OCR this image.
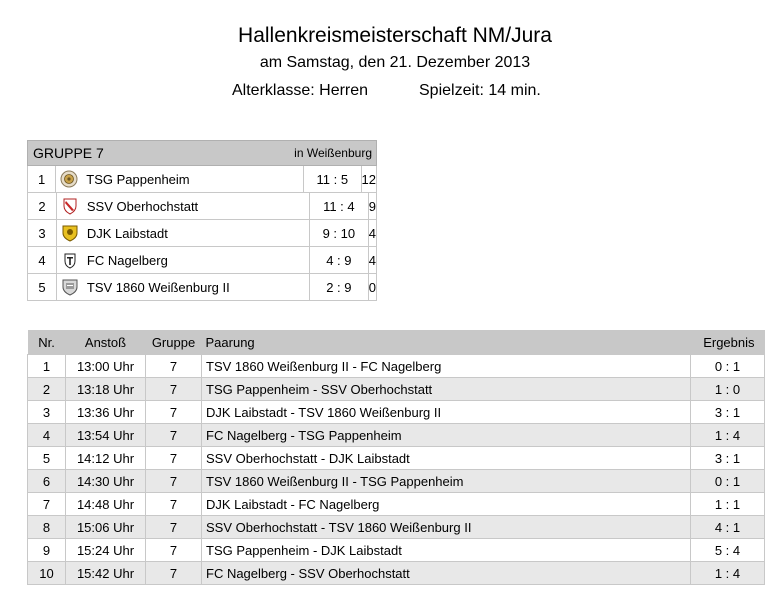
Hallenkreismeisterschaft NM/Jura
am Samstag, den 21. Dezember 2013
Alterklasse: Herren	Spielzeit: 14 min.
GRUPPE 7	in Weißenburg
1	TSG Pappenheim	11 : 5	12
2	SSV Oberhochstatt	11 : 4	9
3	DJK Laibstadt	9 : 10	4
4	FC Nagelberg	4 : 9	4
5	TSV 1860 Weißenburg II	2 : 9	0
Nr.	Anstoß	Gruppe	Paarung	Ergebnis
1	13:00 Uhr	7	TSV 1860 Weißenburg II - FC Nagelberg	0 : 1
2	13:18 Uhr	7	TSG Pappenheim - SSV Oberhochstatt	1 : 0
3	13:36 Uhr	7	DJK Laibstadt - TSV 1860 Weißenburg II	3 : 1
4	13:54 Uhr	7	FC Nagelberg - TSG Pappenheim	1 : 4
5	14:12 Uhr	7	SSV Oberhochstatt - DJK Laibstadt	3 : 1
6	14:30 Uhr	7	TSV 1860 Weißenburg II - TSG Pappenheim	0 : 1
7	14:48 Uhr	7	DJK Laibstadt - FC Nagelberg	1 : 1
8	15:06 Uhr	7	SSV Oberhochstatt - TSV 1860 Weißenburg II	4 : 1
9	15:24 Uhr	7	TSG Pappenheim - DJK Laibstadt	5 : 4
10	15:42 Uhr	7	FC Nagelberg - SSV Oberhochstatt	1 : 4
